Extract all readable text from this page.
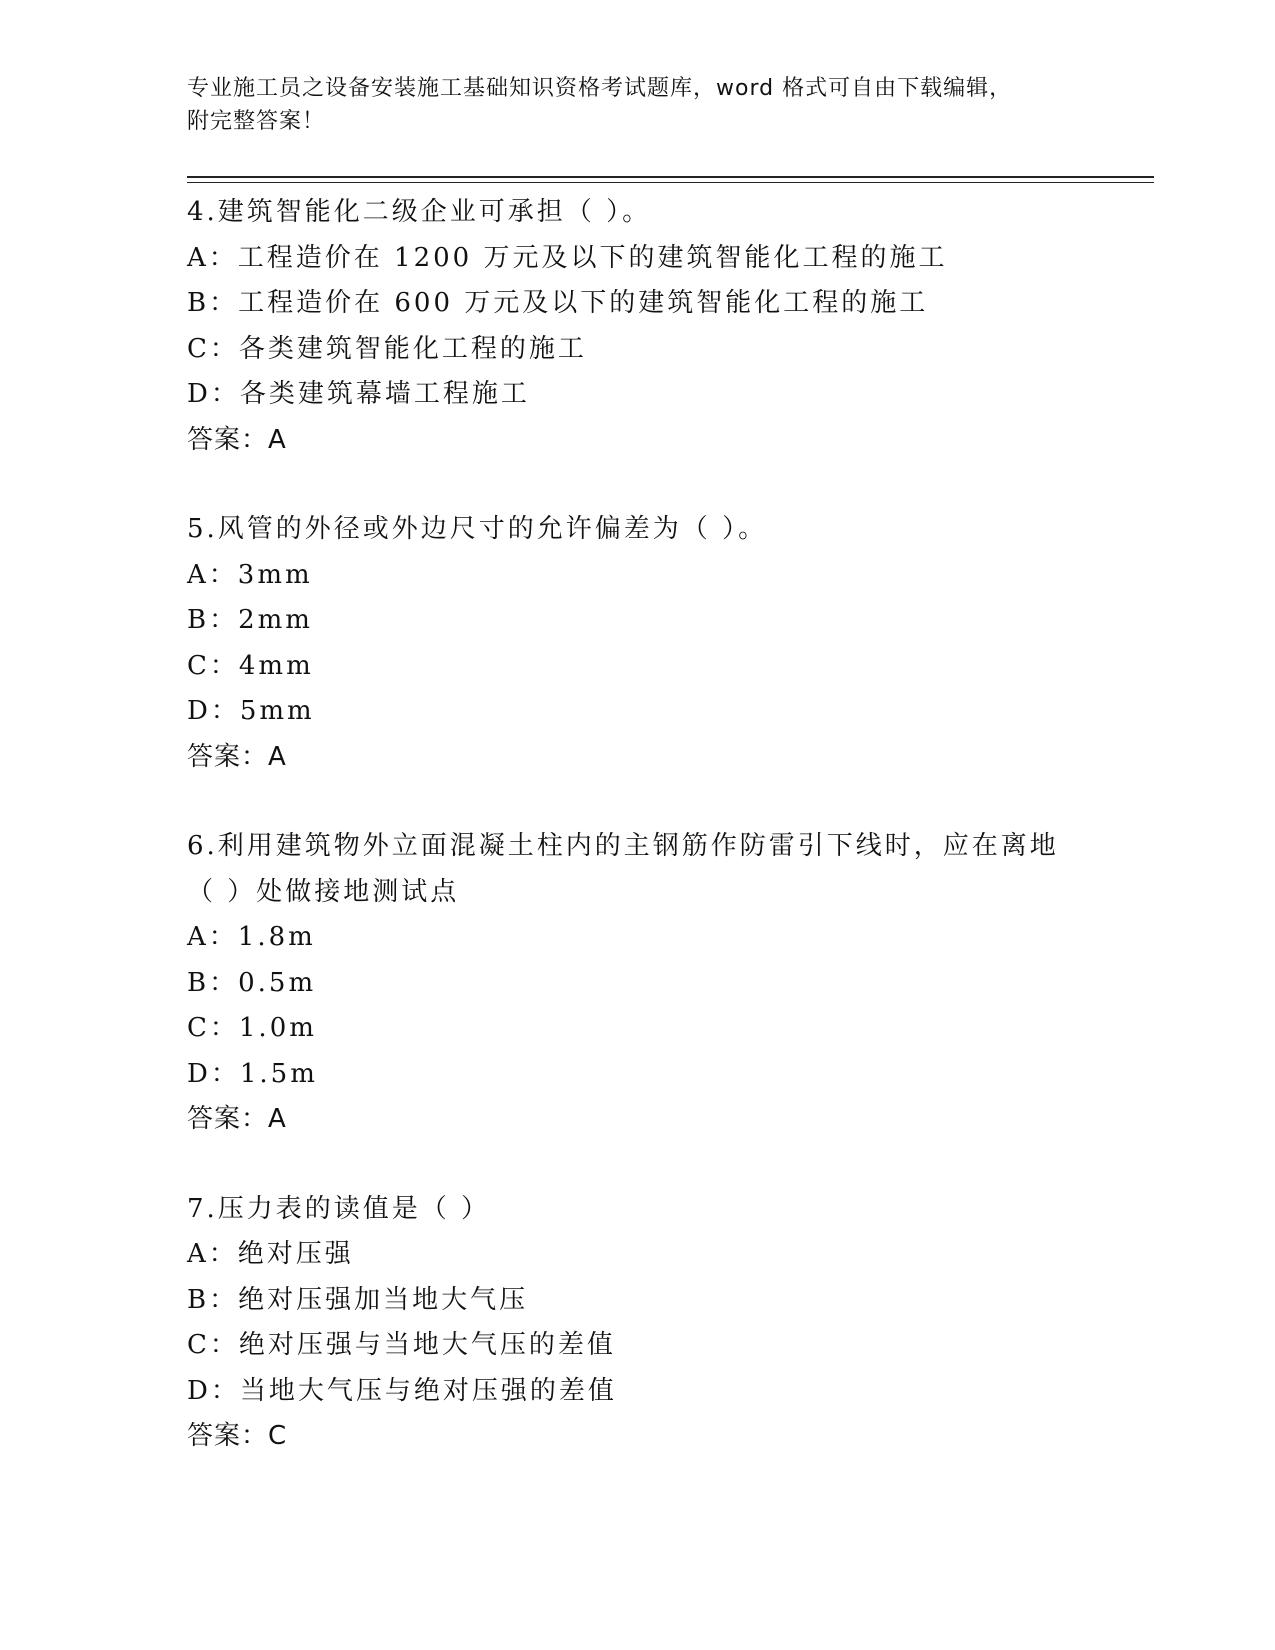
专业施工员之设备安装施工基础知识资格考试题库，word 格式可自由下载编辑，
附完整答案！
4.建筑智能化二级企业可承担（ ）。
A：工程造价在 1200 万元及以下的建筑智能化工程的施工
B：工程造价在 600 万元及以下的建筑智能化工程的施工
C：各类建筑智能化工程的施工
D：各类建筑幕墙工程施工
答案：A
5.风管的外径或外边尺寸的允许偏差为（ ）。
A：3mm
B：2mm
C：4mm
D：5mm
答案：A
6.利用建筑物外立面混凝土柱内的主钢筋作防雷引下线时，应在离地
（ ）处做接地测试点
A：1.8m
B：0.5m
C：1.0m
D：1.5m
答案：A
7.压力表的读值是（ ）
A：绝对压强
B：绝对压强加当地大气压
C：绝对压强与当地大气压的差值
D：当地大气压与绝对压强的差值
答案：C
